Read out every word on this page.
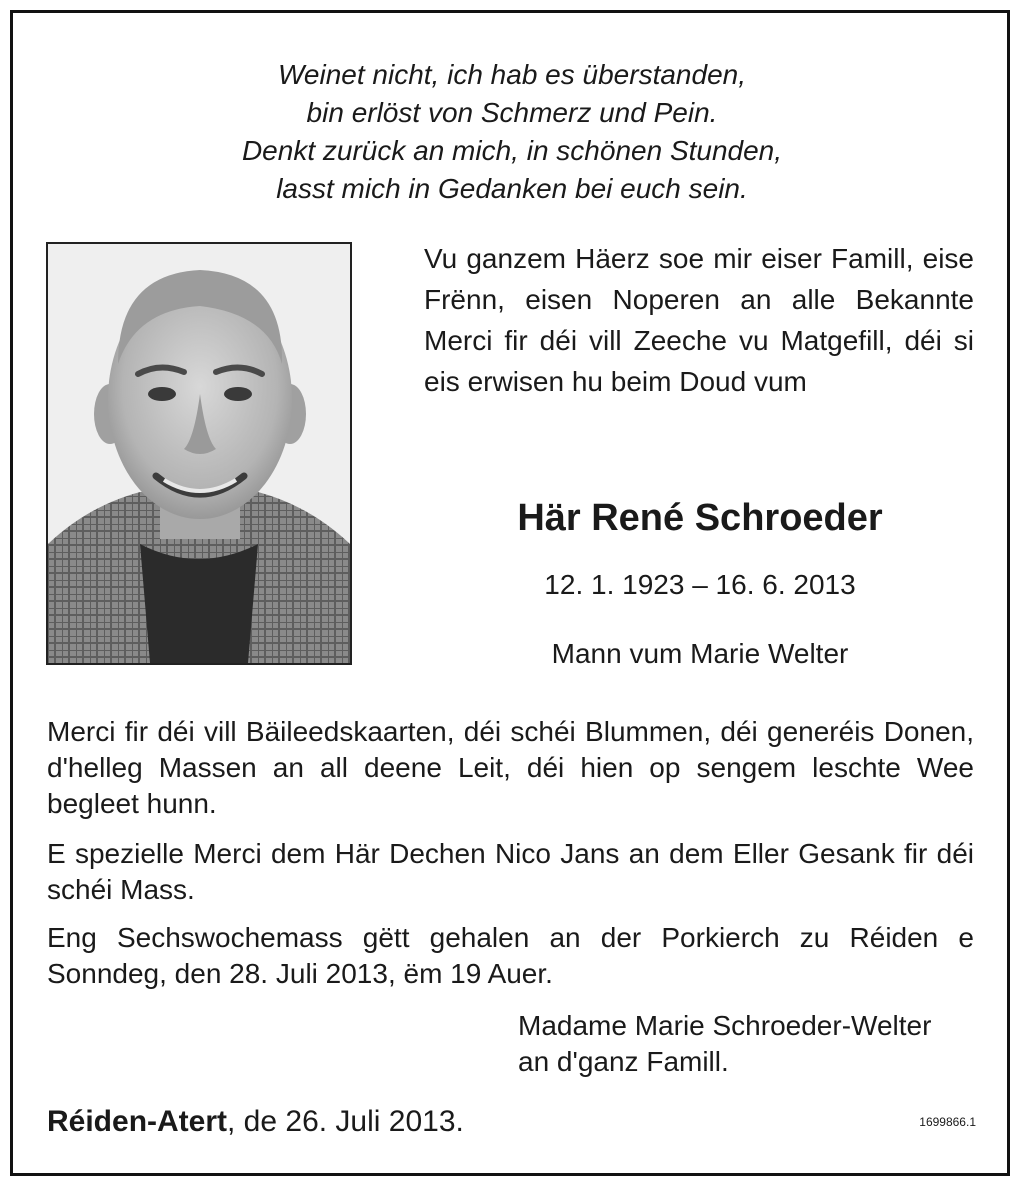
Weinet nicht, ich hab es überstanden,
bin erlöst von Schmerz und Pein.
Denkt zurück an mich, in schönen Stunden,
lasst mich in Gedanken bei euch sein.
Vu ganzem Häerz soe mir eiser Famill, eise Frënn, eisen Noperen an alle Bekannte Merci fir déi vill Zeeche vu Matgefill, déi si eis erwisen hu beim Doud vum
Här René Schroeder
12. 1. 1923 – 16. 6. 2013
Mann vum Marie Welter
Merci fir déi vill Bäileedskaarten, déi schéi Blummen, déi generéis Donen, d'helleg Massen an all deene Leit, déi hien op sengem leschte Wee begleet hunn.
E spezielle Merci dem Här Dechen Nico Jans an dem Eller Gesank fir déi schéi Mass.
Eng Sechswochemass gëtt gehalen an der Porkierch zu Réiden e Sonndeg, den 28. Juli 2013, ëm 19 Auer.
Madame Marie Schroeder-Welter
an d'ganz Famill.
Réiden-Atert, de 26. Juli 2013.	1699866.1
